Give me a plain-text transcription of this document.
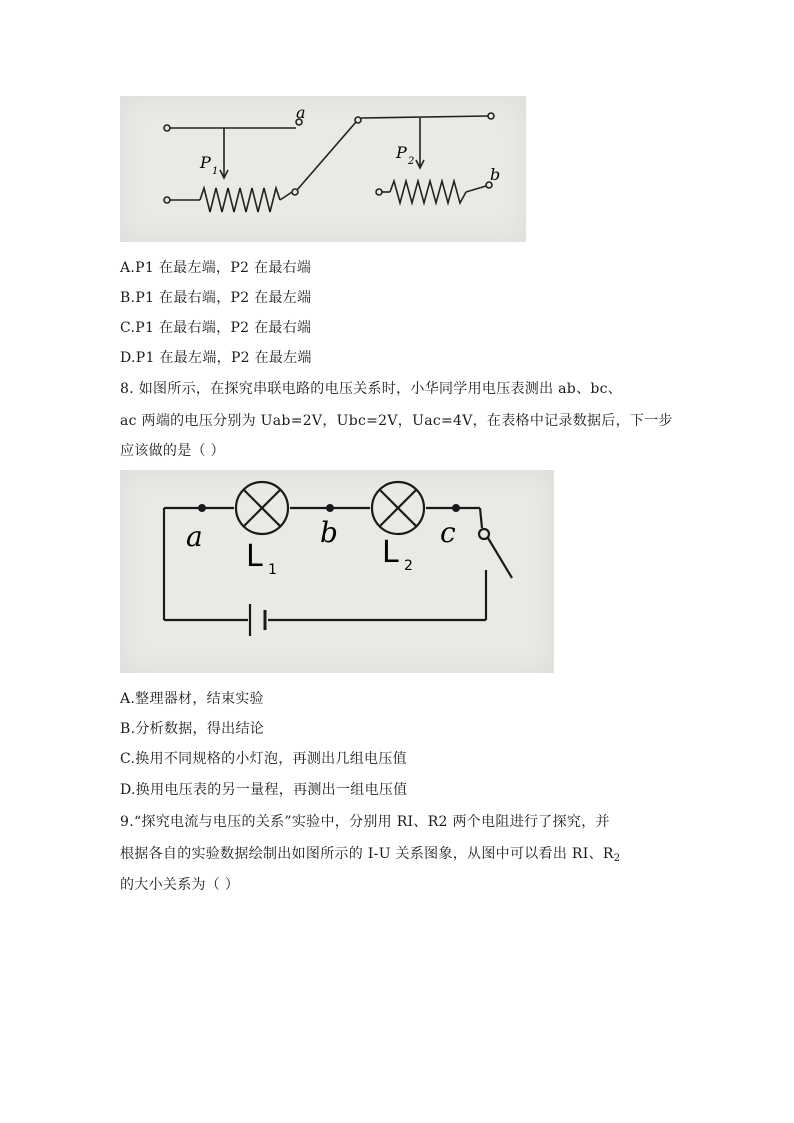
a
b
P 1
P 2
A.P1 在最左端，P2 在最右端
B.P1 在最右端，P2 在最左端
C.P1 在最右端，P2 在最右端
D.P1 在最左端，P2 在最左端
8. 如图所示，在探究串联电路的电压关系时，小华同学用电压表测出 ab、bc、
ac 两端的电压分别为 Uab=2V，Ubc=2V，Uac=4V，在表格中记录数据后，下一步
应该做的是（ ）
a	b	c
L 1	L 2
A.整理器材，结束实验
B.分析数据，得出结论
C.换用不同规格的小灯泡，再测出几组电压值
D.换用电压表的另一量程，再测出一组电压值
9.“探究电流与电压的关系”实验中，分别用 RI、R2 两个电阻进行了探究，并
根据各自的实验数据绘制出如图所示的 I-U 关系图象，从图中可以看出 RI、$R_2$
的大小关系为（ ）
